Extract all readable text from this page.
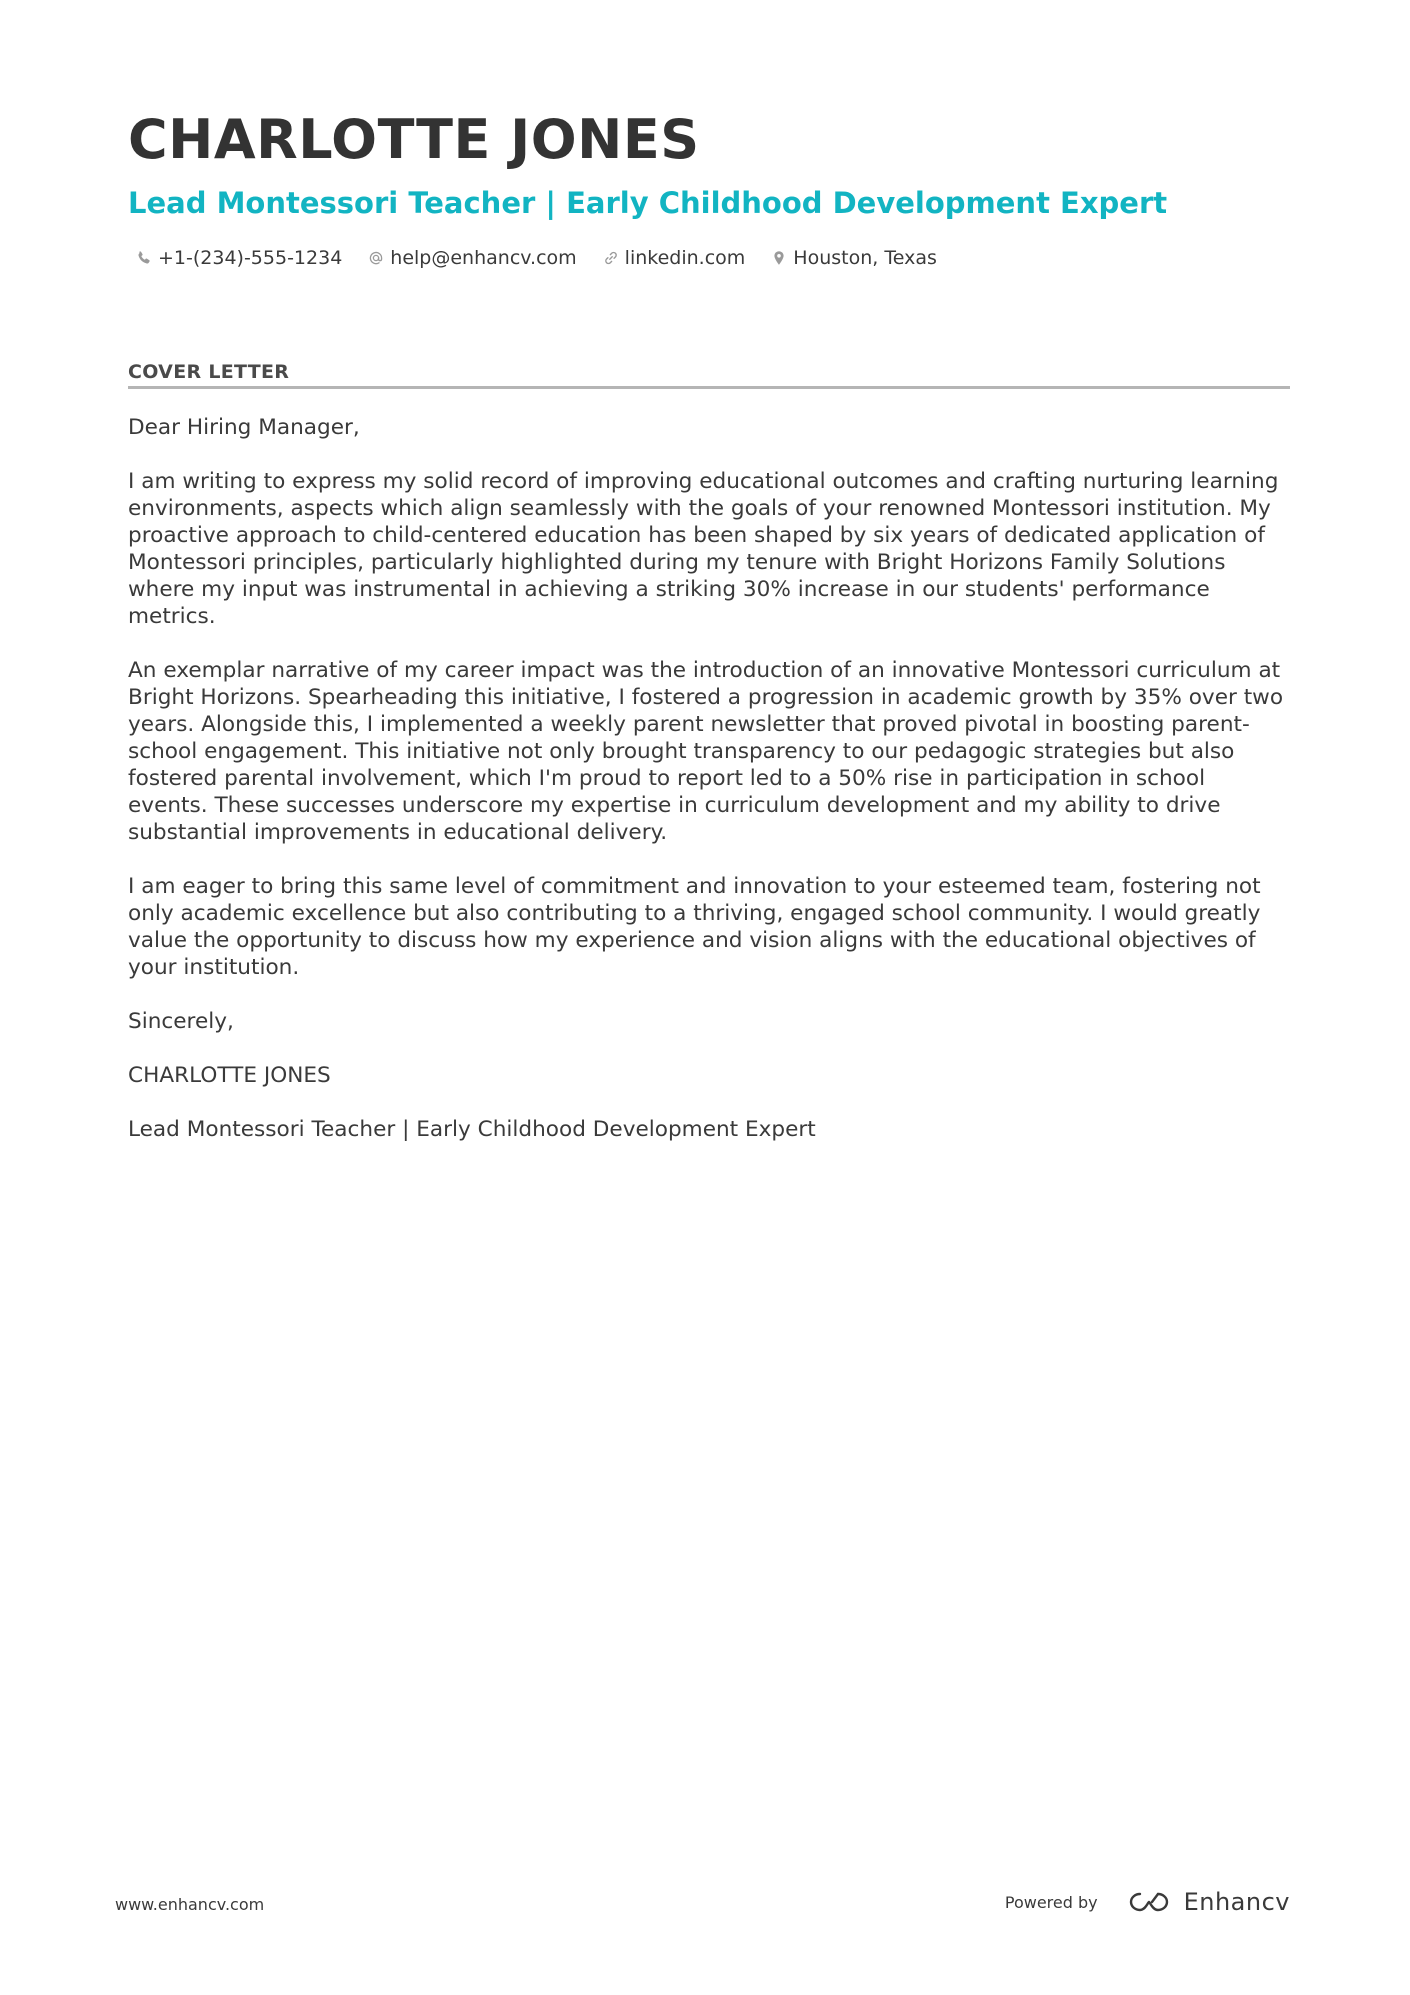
CHARLOTTE JONES
Lead Montessori Teacher | Early Childhood Development Expert
+1-(234)-555-1234	help@enhancv.com	linkedin.com	Houston, Texas
COVER LETTER

Dear Hiring Manager,

I am writing to express my solid record of improving educational outcomes and crafting nurturing learning environments, aspects which align seamlessly with the goals of your renowned Montessori institution. My proactive approach to child-centered education has been shaped by six years of dedicated application of Montessori principles, particularly highlighted during my tenure with Bright Horizons Family Solutions where my input was instrumental in achieving a striking 30% increase in our students' performance metrics.

An exemplar narrative of my career impact was the introduction of an innovative Montessori curriculum at Bright Horizons. Spearheading this initiative, I fostered a progression in academic growth by 35% over two years. Alongside this, I implemented a weekly parent newsletter that proved pivotal in boosting parent-school engagement. This initiative not only brought transparency to our pedagogic strategies but also fostered parental involvement, which I'm proud to report led to a 50% rise in participation in school events. These successes underscore my expertise in curriculum development and my ability to drive substantial improvements in educational delivery.

I am eager to bring this same level of commitment and innovation to your esteemed team, fostering not only academic excellence but also contributing to a thriving, engaged school community. I would greatly value the opportunity to discuss how my experience and vision aligns with the educational objectives of your institution.

Sincerely,

CHARLOTTE JONES

Lead Montessori Teacher | Early Childhood Development Expert

www.enhancv.com	Powered by	Enhancv
